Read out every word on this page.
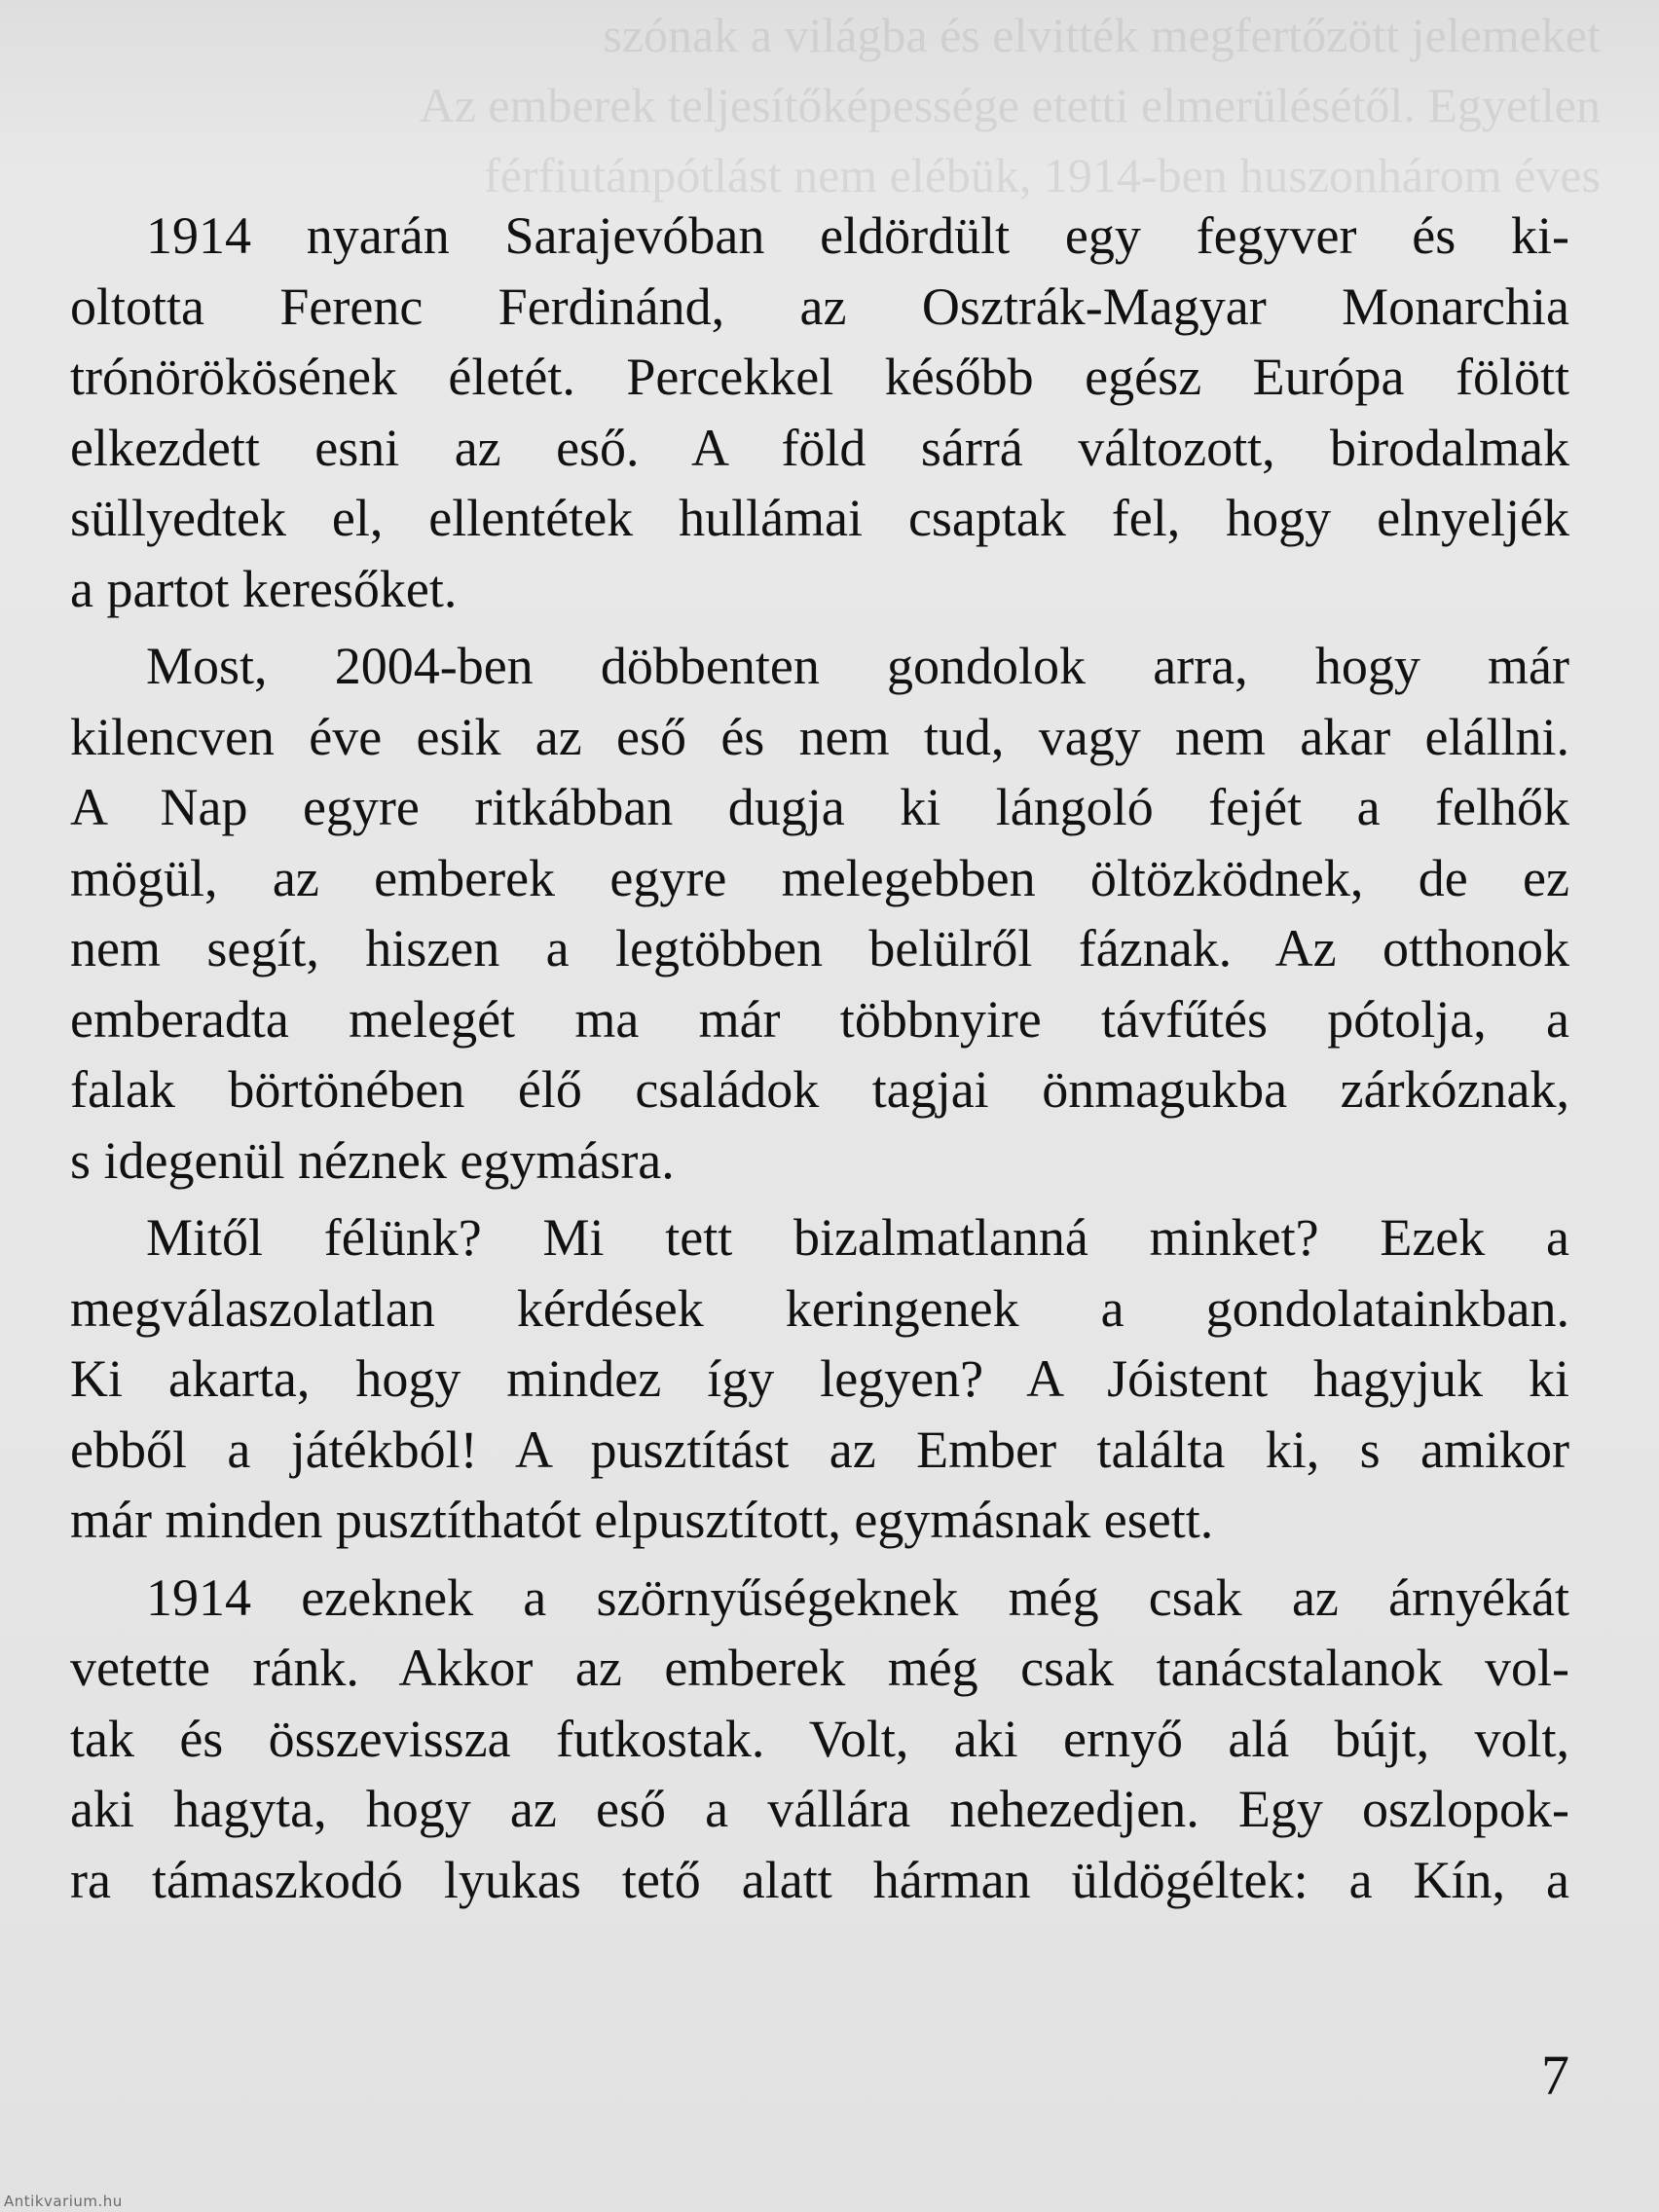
szónak a világba és elvitték megfertőzött jelemeket
Az emberek teljesítőképessége etetti elmerülésétől. Egyetlen
férfiutánpótlást nem elébük, 1914-ben huszonhárom éves
1914 nyarán Sarajevóban eldördült egy fegyver és ki-
oltotta Ferenc Ferdinánd, az Osztrák-Magyar Monarchia
trónörökösének életét. Percekkel később egész Európa fölött
elkezdett esni az eső. A föld sárrá változott, birodalmak
süllyedtek el, ellentétek hullámai csaptak fel, hogy elnyeljék
a partot keresőket.
Most, 2004-ben döbbenten gondolok arra, hogy már
kilencven éve esik az eső és nem tud, vagy nem akar elállni.
A Nap egyre ritkábban dugja ki lángoló fejét a felhők
mögül, az emberek egyre melegebben öltözködnek, de ez
nem segít, hiszen a legtöbben belülről fáznak. Az otthonok
emberadta melegét ma már többnyire távfűtés pótolja, a
falak börtönében élő családok tagjai önmagukba zárkóznak,
s idegenül néznek egymásra.
Mitől félünk? Mi tett bizalmatlanná minket? Ezek a
megválaszolatlan kérdések keringenek a gondolatainkban.
Ki akarta, hogy mindez így legyen? A Jóistent hagyjuk ki
ebből a játékból! A pusztítást az Ember találta ki, s amikor
már minden pusztíthatót elpusztított, egymásnak esett.
1914 ezeknek a szörnyűségeknek még csak az árnyékát
vetette ránk. Akkor az emberek még csak tanácstalanok vol-
tak és összevissza futkostak. Volt, aki ernyő alá bújt, volt,
aki hagyta, hogy az eső a vállára nehezedjen. Egy oszlopok-
ra támaszkodó lyukas tető alatt hárman üldögéltek: a Kín, a
7
Antikvarium.hu
